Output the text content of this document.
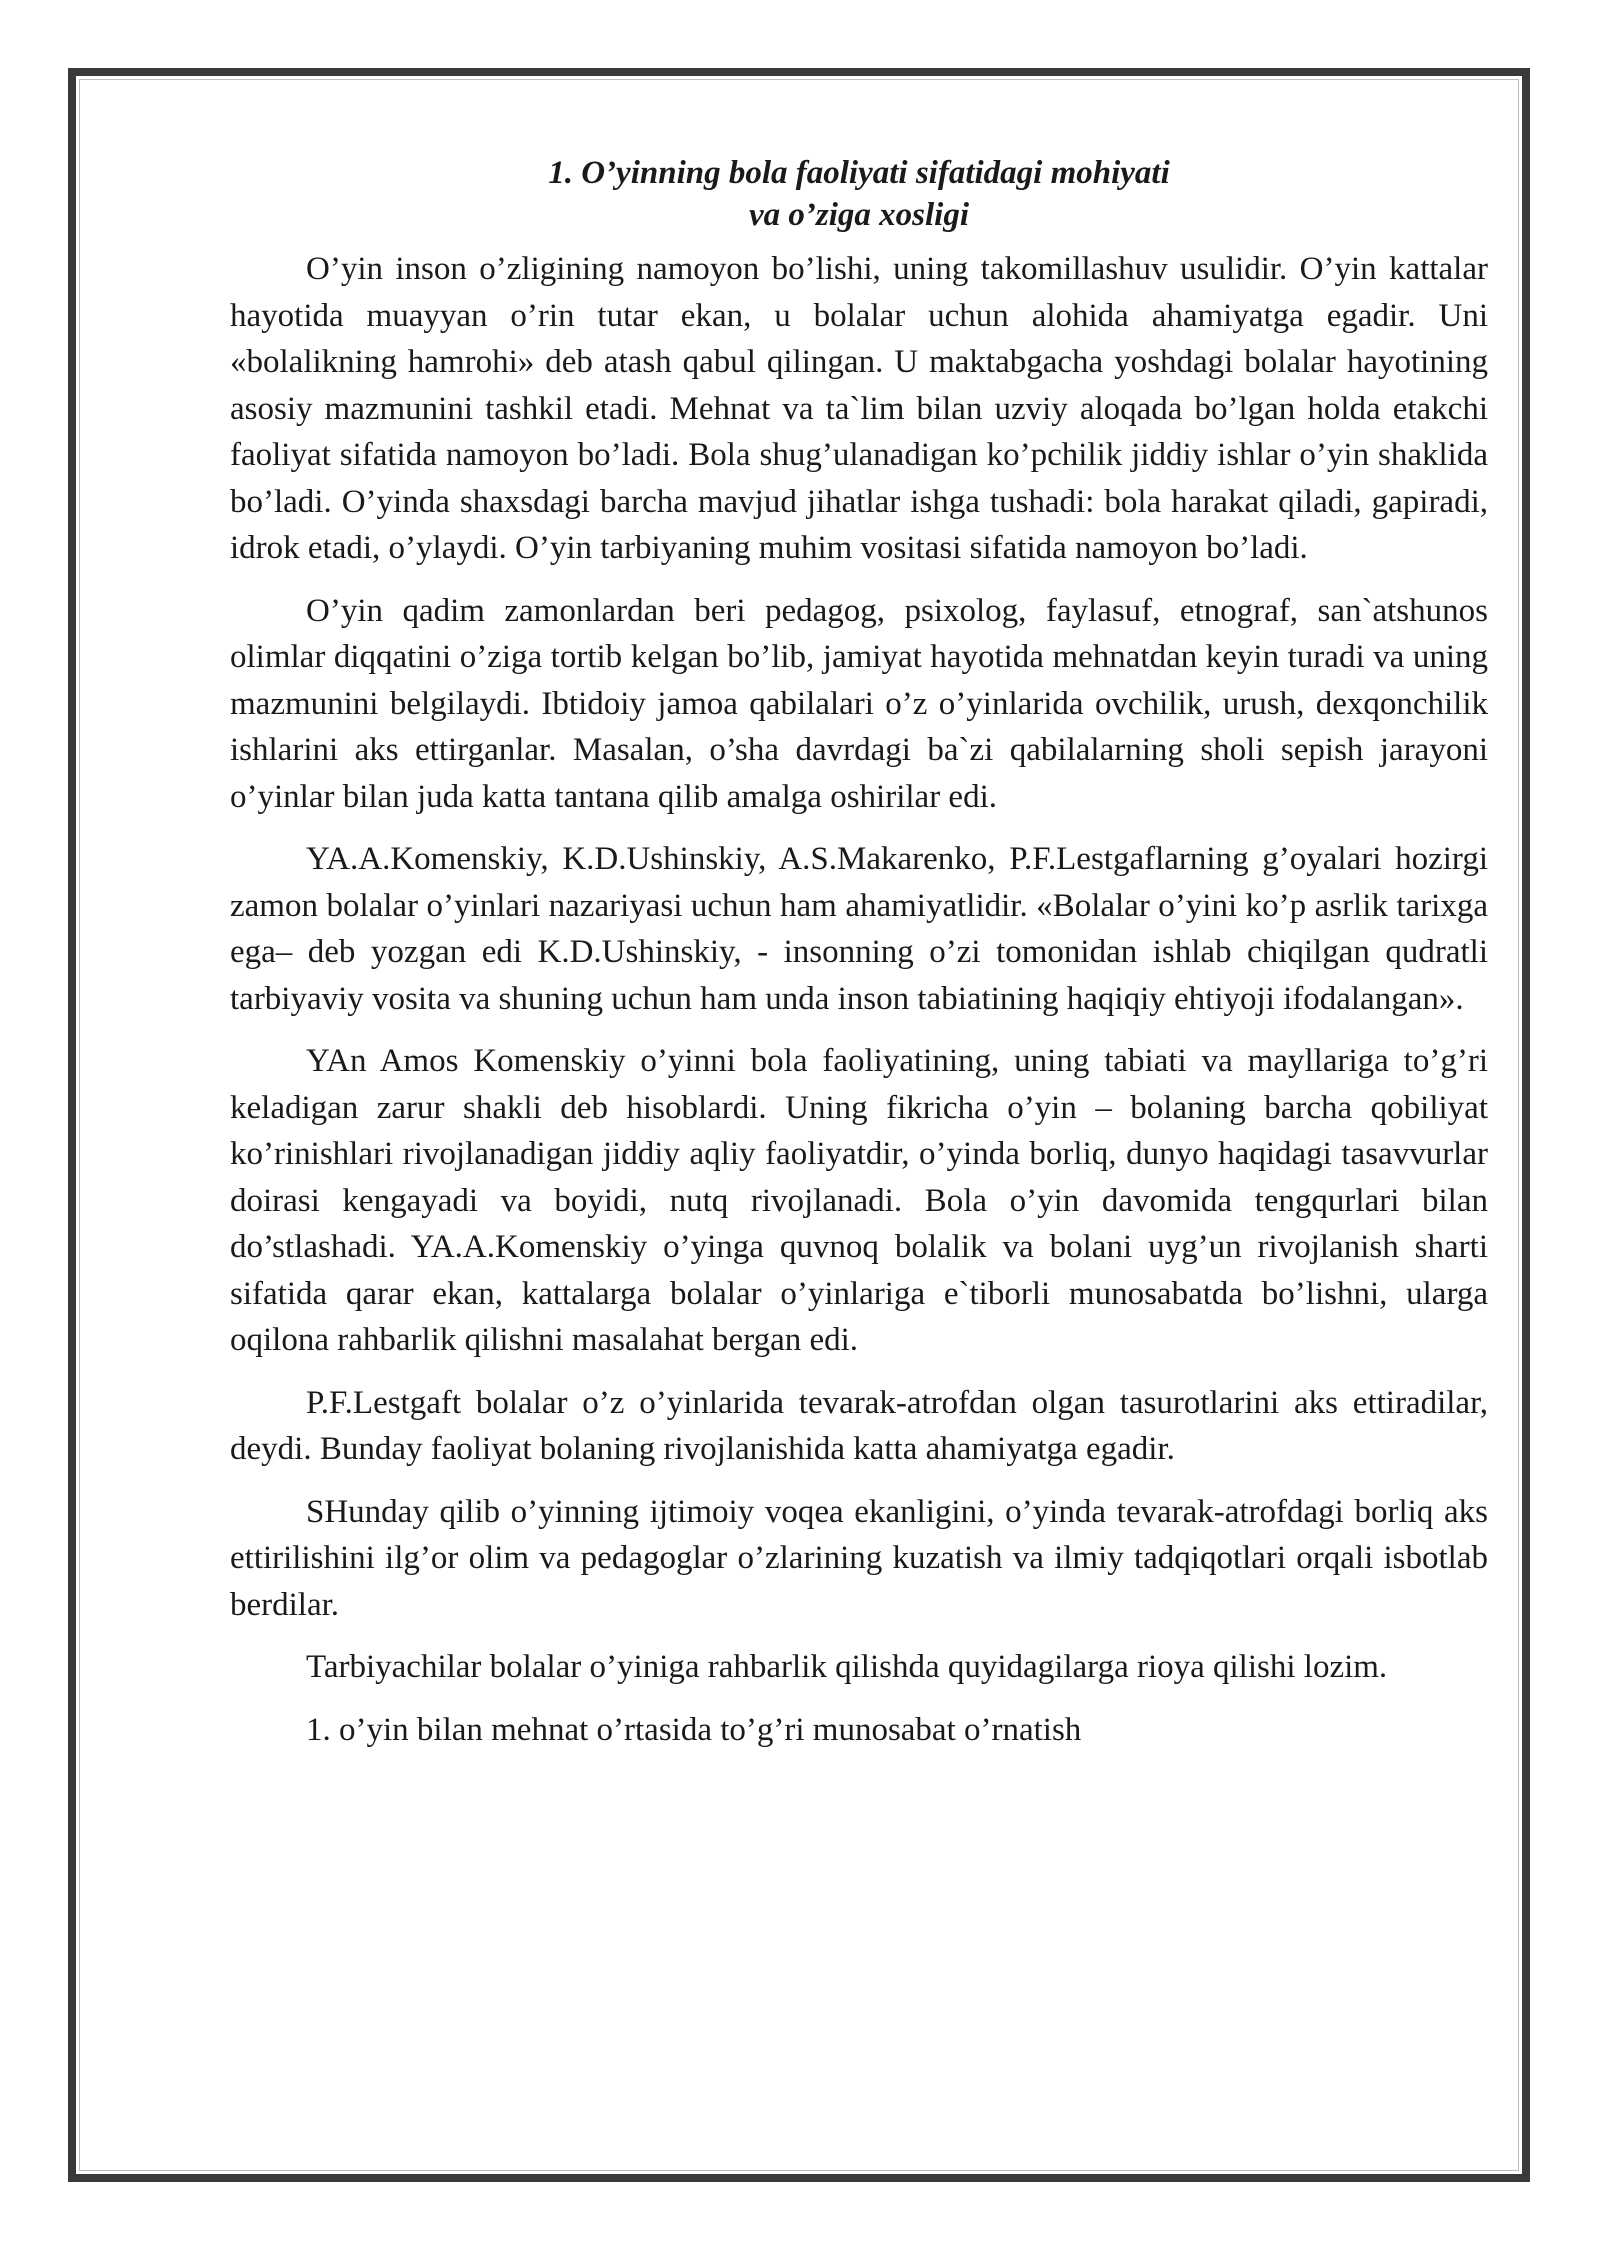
1. O’yinning bola faoliyati sifatidagi mohiyati
va o’ziga xosligi

O’yin inson o’zligining namoyon bo’lishi, uning takomillashuv usulidir. O’yin kattalar hayotida muayyan o’rin tutar ekan, u bolalar uchun alohida ahamiyatga egadir. Uni «bolalikning hamrohi» deb atash qabul qilingan. U maktabgacha yoshdagi bolalar hayotining asosiy mazmunini tashkil etadi. Mehnat va ta`lim bilan uzviy aloqada bo’lgan holda etakchi faoliyat sifatida namoyon bo’ladi. Bola shug’ulanadigan ko’pchilik jiddiy ishlar o’yin shaklida bo’ladi. O’yinda shaxsdagi barcha mavjud jihatlar ishga tushadi: bola harakat qiladi, gapiradi, idrok etadi, o’ylaydi. O’yin tarbiyaning muhim vositasi sifatida namoyon bo’ladi.

O’yin qadim zamonlardan beri pedagog, psixolog, faylasuf, etnograf, san`atshunos olimlar diqqatini o’ziga tortib kelgan bo’lib, jamiyat hayotida mehnatdan keyin turadi va uning mazmunini belgilaydi. Ibtidoiy jamoa qabilalari o’z o’yinlarida ovchilik, urush, dexqonchilik ishlarini aks ettirganlar. Masalan, o’sha davrdagi ba`zi qabilalarning sholi sepish jarayoni o’yinlar bilan juda katta tantana qilib amalga oshirilar edi.

YA.A.Komenskiy, K.D.Ushinskiy, A.S.Makarenko, P.F.Lestgaflarning g’oyalari hozirgi zamon bolalar o’yinlari nazariyasi uchun ham ahamiyatlidir. «Bolalar o’yini ko’p asrlik tarixga ega– deb yozgan edi K.D.Ushinskiy, - insonning o’zi tomonidan ishlab chiqilgan qudratli tarbiyaviy vosita va shuning uchun ham unda inson tabiatining haqiqiy ehtiyoji ifodalangan».

YAn Amos Komenskiy o’yinni bola faoliyatining, uning tabiati va mayllariga to’g’ri keladigan zarur shakli deb hisoblardi. Uning fikricha o’yin – bolaning barcha qobiliyat ko’rinishlari rivojlanadigan jiddiy aqliy faoliyatdir, o’yinda borliq, dunyo haqidagi tasavvurlar doirasi kengayadi va boyidi, nutq rivojlanadi. Bola o’yin davomida tengqurlari bilan do’stlashadi. YA.A.Komenskiy o’yinga quvnoq bolalik va bolani uyg’un rivojlanish sharti sifatida qarar ekan, kattalarga bolalar o’yinlariga e`tiborli munosabatda bo’lishni, ularga oqilona rahbarlik qilishni masalahat bergan edi.

P.F.Lestgaft bolalar o’z o’yinlarida tevarak-atrofdan olgan tasurotlarini aks ettiradilar, deydi. Bunday faoliyat bolaning rivojlanishida katta ahamiyatga egadir.

SHunday qilib o’yinning ijtimoiy voqea ekanligini, o’yinda tevarak-atrofdagi borliq aks ettirilishini ilg’or olim va pedagoglar o’zlarining kuzatish va ilmiy tadqiqotlari orqali isbotlab berdilar.

Tarbiyachilar bolalar o’yiniga rahbarlik qilishda quyidagilarga rioya qilishi lozim.

1. o’yin bilan mehnat o’rtasida to’g’ri munosabat o’rnatish
